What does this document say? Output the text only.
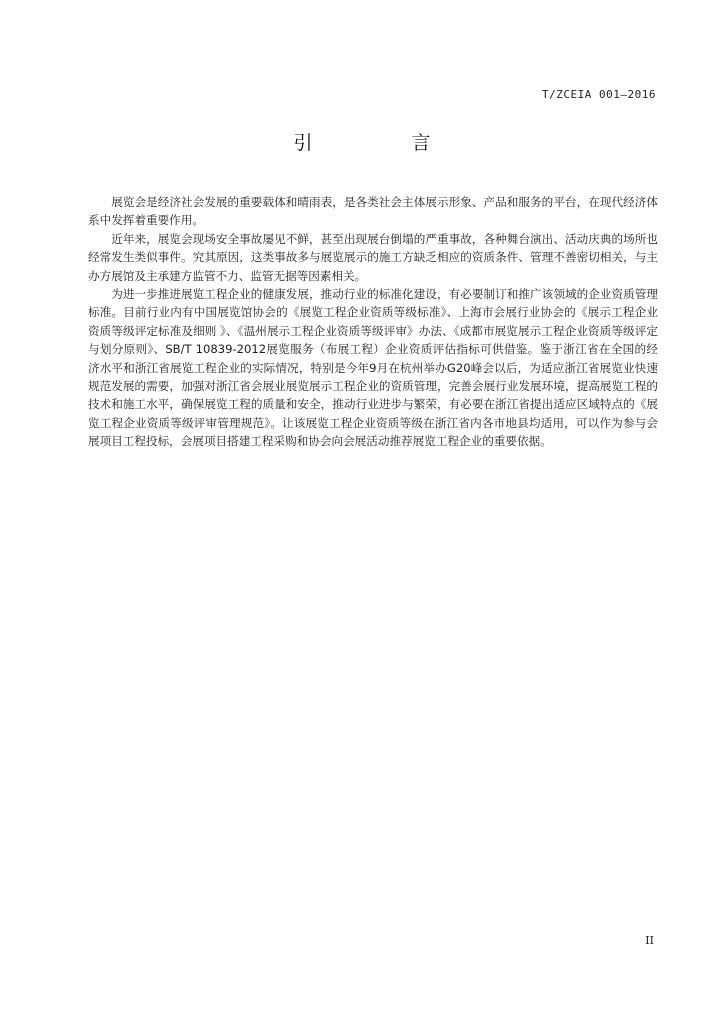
T/ZCEIA 001—2016
引　言

展览会是经济社会发展的重要载体和晴雨表，是各类社会主体展示形象、产品和服务的平台，在现代经济体系中发挥着重要作用。

近年来，展览会现场安全事故屡见不鲜，甚至出现展台倒塌的严重事故，各种舞台演出、活动庆典的场所也经常发生类似事件。究其原因，这类事故多与展览展示的施工方缺乏相应的资质条件、管理不善密切相关，与主办方展馆及主承建方监管不力、监管无据等因素相关。

为进一步推进展览工程企业的健康发展，推动行业的标准化建设，有必要制订和推广该领域的企业资质管理标准。目前行业内有中国展览馆协会的《展览工程企业资质等级标准》、上海市会展行业协会的《展示工程企业资质等级评定标准及细则 》、《温州展示工程企业资质等级评审》办法、《成都市展览展示工程企业资质等级评定与划分原则》、SB/T 10839-2012展览服务（布展工程）企业资质评估指标可供借鉴。鉴于浙江省在全国的经济水平和浙江省展览工程企业的实际情况，特别是今年9月在杭州举办G20峰会以后，为适应浙江省展览业快速规范发展的需要，加强对浙江省会展业展览展示工程企业的资质管理，完善会展行业发展环境，提高展览工程的技术和施工水平，确保展览工程的质量和安全，推动行业进步与繁荣，有必要在浙江省提出适应区域特点的《展览工程企业资质等级评审管理规范》。让该展览工程企业资质等级在浙江省内各市地县均适用，可以作为参与会展项目工程投标，会展项目搭建工程采购和协会向会展活动推荐展览工程企业的重要依据。

II
